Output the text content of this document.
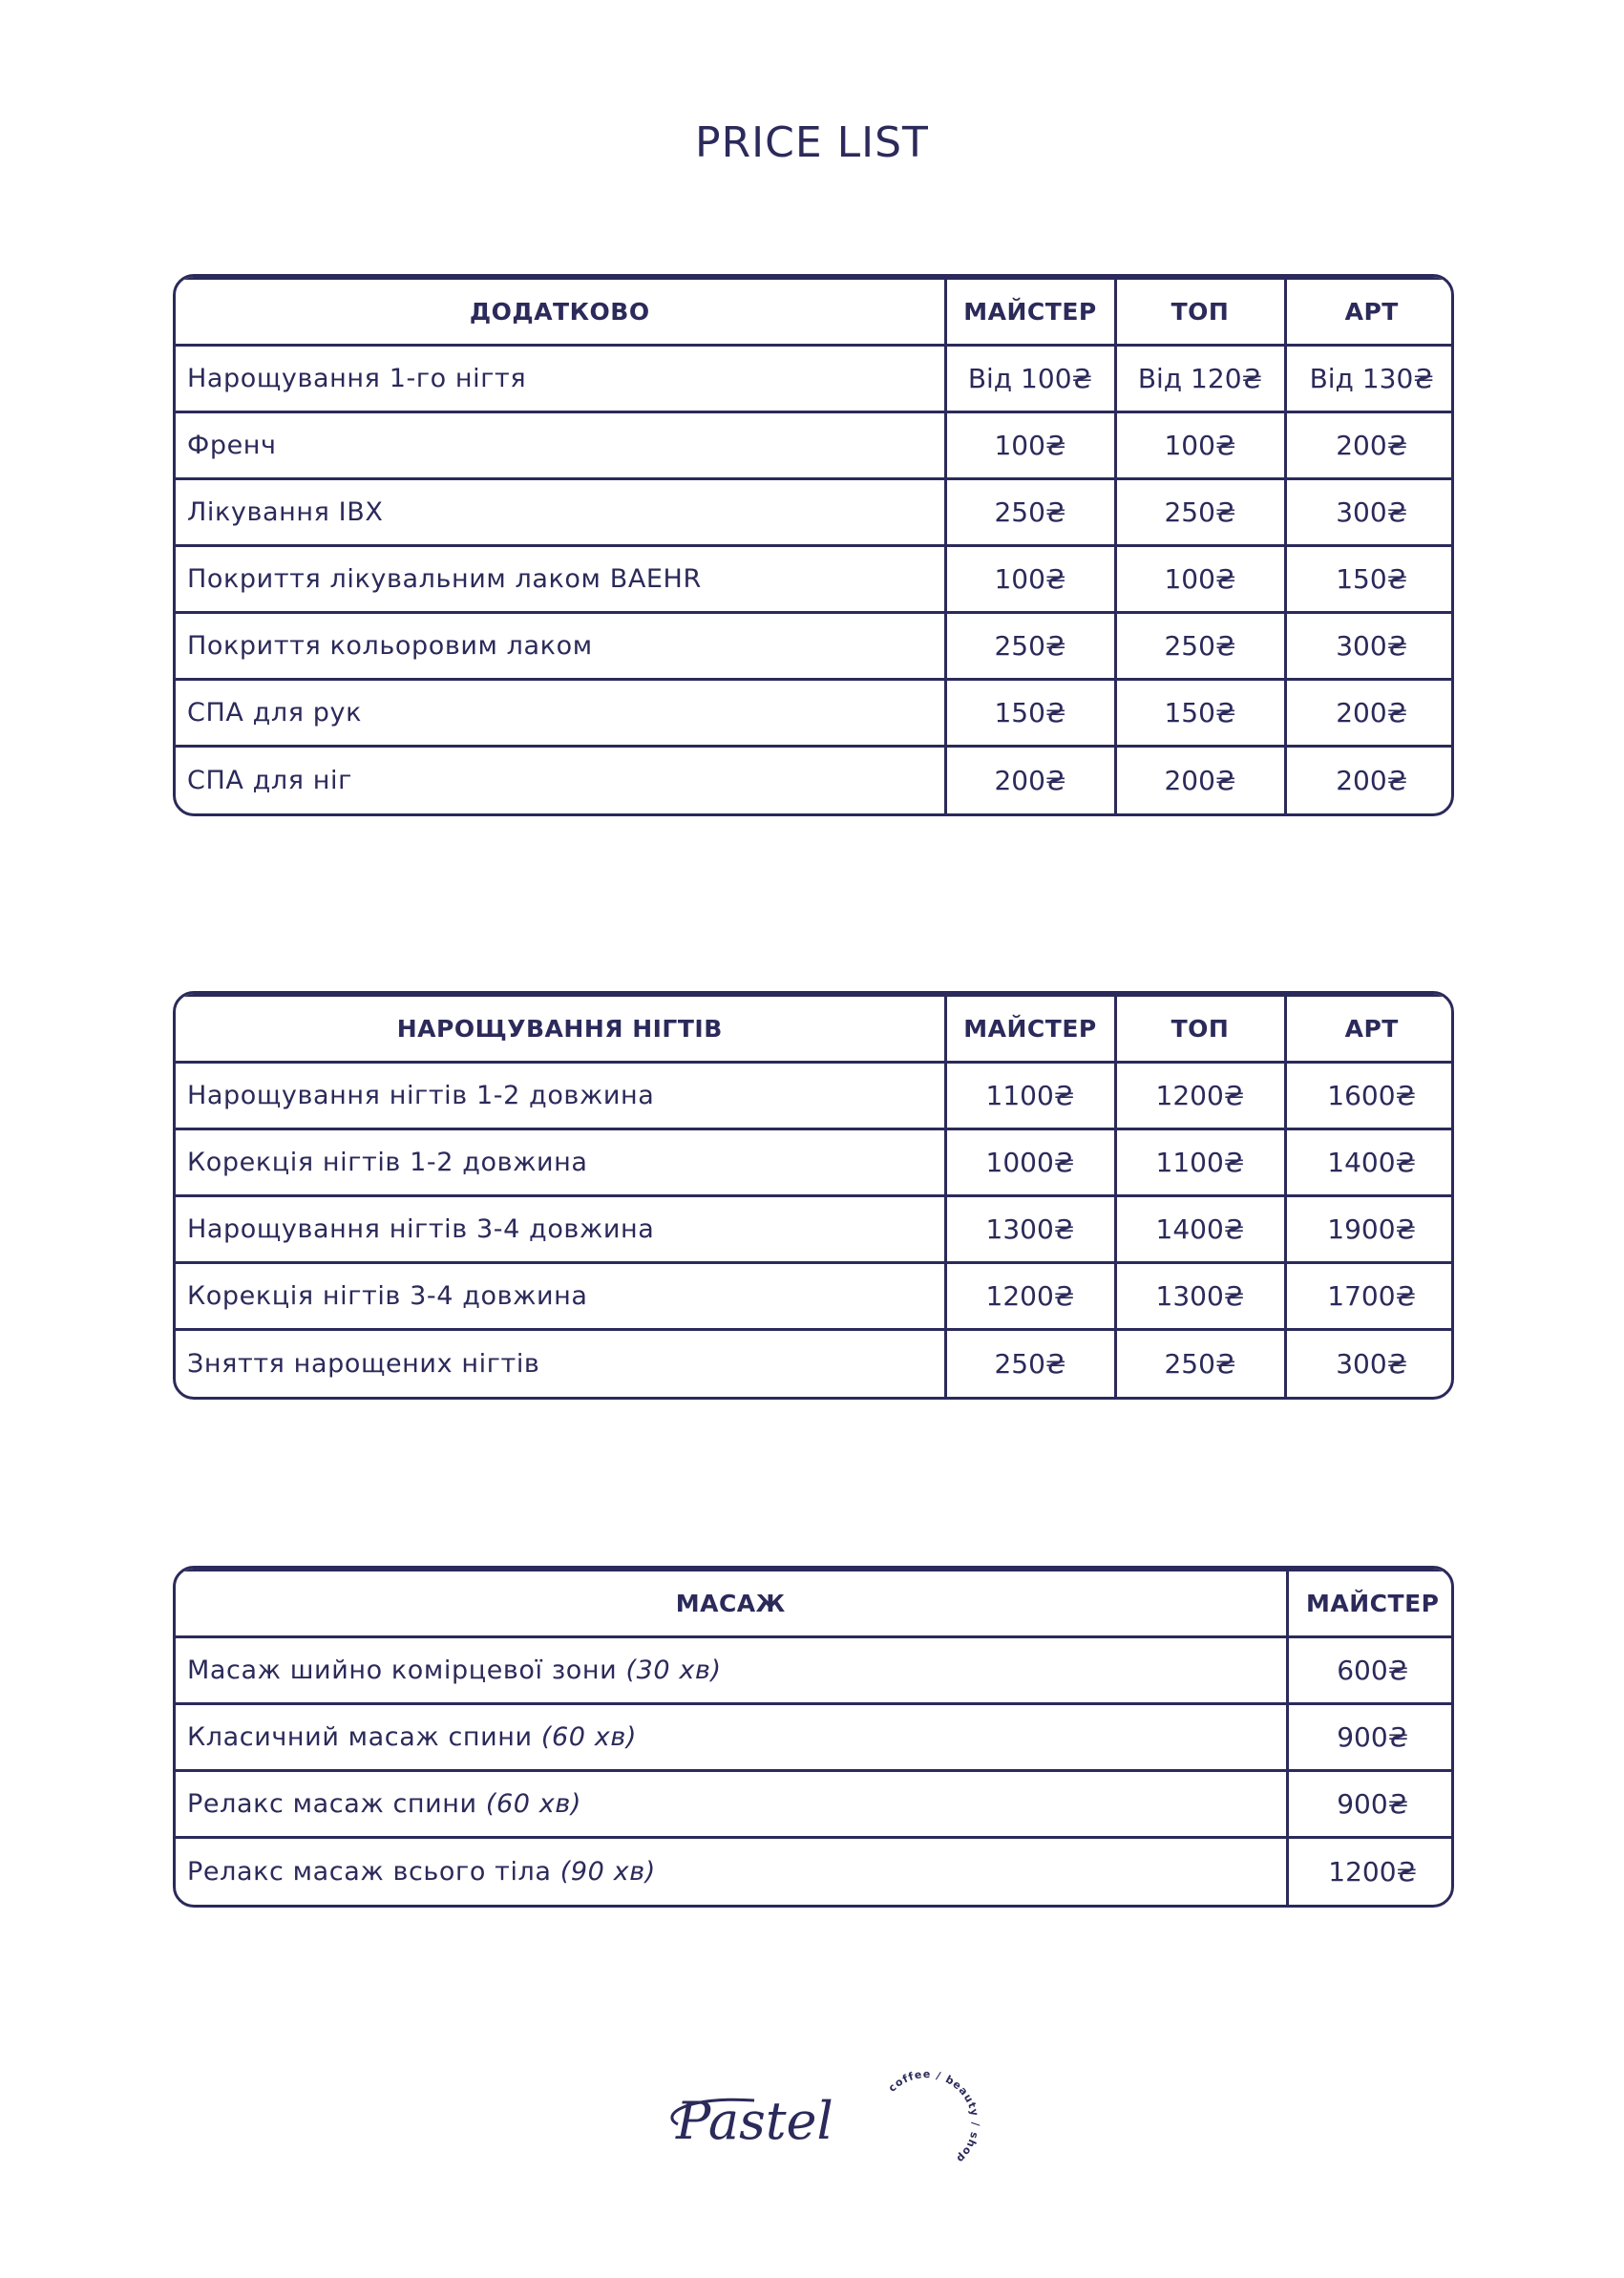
PRICE LIST
ДОДАТКОВО	МАЙСТЕР	ТОП	АРТ
Нарощування 1-го нігтя	Від 100₴	Від 120₴	Від 130₴
Френч	100₴	100₴	200₴
Лікування IBX	250₴	250₴	300₴
Покриття лікувальним лаком BAEHR	100₴	100₴	150₴
Покриття кольоровим лаком	250₴	250₴	300₴
СПА для рук	150₴	150₴	200₴
СПА для ніг	200₴	200₴	200₴
НАРОЩУВАННЯ НІГТІВ	МАЙСТЕР	ТОП	АРТ
Нарощування нігтів 1-2 довжина	1100₴	1200₴	1600₴
Корекція нігтів 1-2 довжина	1000₴	1100₴	1400₴
Нарощування нігтів 3-4 довжина	1300₴	1400₴	1900₴
Корекція нігтів 3-4 довжина	1200₴	1300₴	1700₴
Зняття нарощених нігтів	250₴	250₴	300₴
МАСАЖ	МАЙСТЕР
Масаж шийно комірцевої зони (30 хв)	600₴
Класичний масаж спини (60 хв)	900₴
Релакс масаж спини (60 хв)	900₴
Релакс масаж всього тіла (90 хв)	1200₴
Pastel
coffee / beauty / shop
